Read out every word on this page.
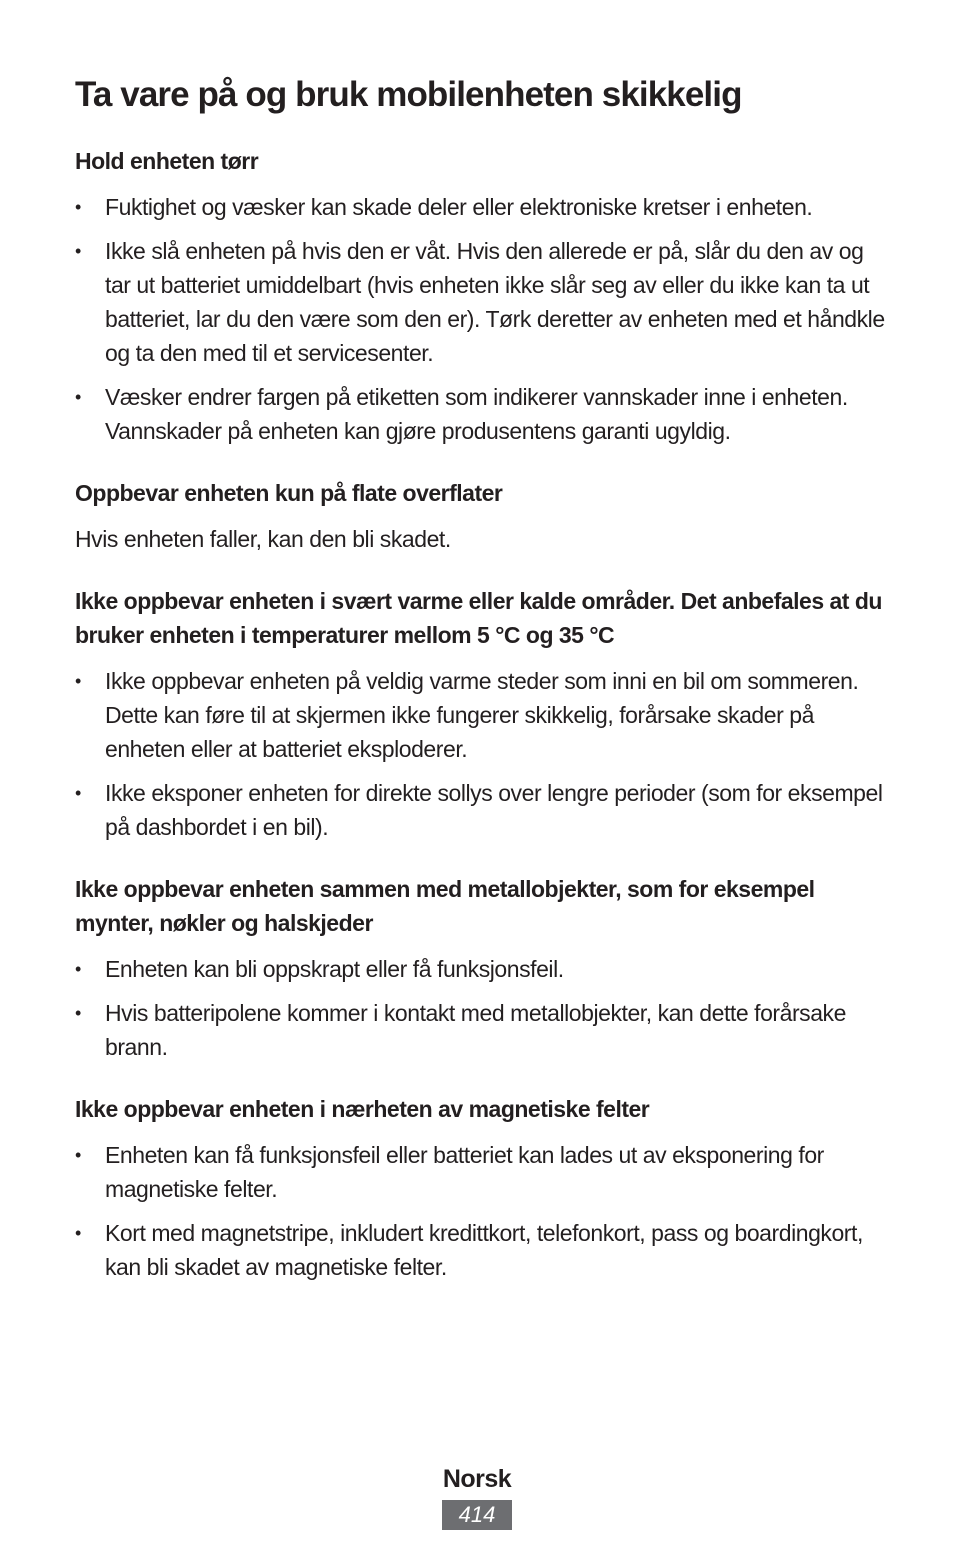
Ta vare på og bruk mobilenheten skikkelig
Hold enheten tørr
•	Fuktighet og væsker kan skade deler eller elektroniske kretser i enheten.
•	Ikke slå enheten på hvis den er våt. Hvis den allerede er på, slår du den av og tar ut batteriet umiddelbart (hvis enheten ikke slår seg av eller du ikke kan ta ut batteriet, lar du den være som den er). Tørk deretter av enheten med et håndkle og ta den med til et servicesenter.
•	Væsker endrer fargen på etiketten som indikerer vannskader inne i enheten. Vannskader på enheten kan gjøre produsentens garanti ugyldig.
Oppbevar enheten kun på flate overflater

Hvis enheten faller, kan den bli skadet.

Ikke oppbevar enheten i svært varme eller kalde områder. Det anbefales at du bruker enheten i temperaturer mellom 5 °C og 35 °C
•	Ikke oppbevar enheten på veldig varme steder som inni en bil om sommeren. Dette kan føre til at skjermen ikke fungerer skikkelig, forårsake skader på enheten eller at batteriet eksploderer.
•	Ikke eksponer enheten for direkte sollys over lengre perioder (som for eksempel på dashbordet i en bil).
Ikke oppbevar enheten sammen med metallobjekter, som for eksempel mynter, nøkler og halskjeder
•	Enheten kan bli oppskrapt eller få funksjonsfeil.
•	Hvis batteripolene kommer i kontakt med metallobjekter, kan dette forårsake brann.
Ikke oppbevar enheten i nærheten av magnetiske felter
•	Enheten kan få funksjonsfeil eller batteriet kan lades ut av eksponering for magnetiske felter.
•	Kort med magnetstripe, inkludert kredittkort, telefonkort, pass og boardingkort, kan bli skadet av magnetiske felter.
Norsk
414
